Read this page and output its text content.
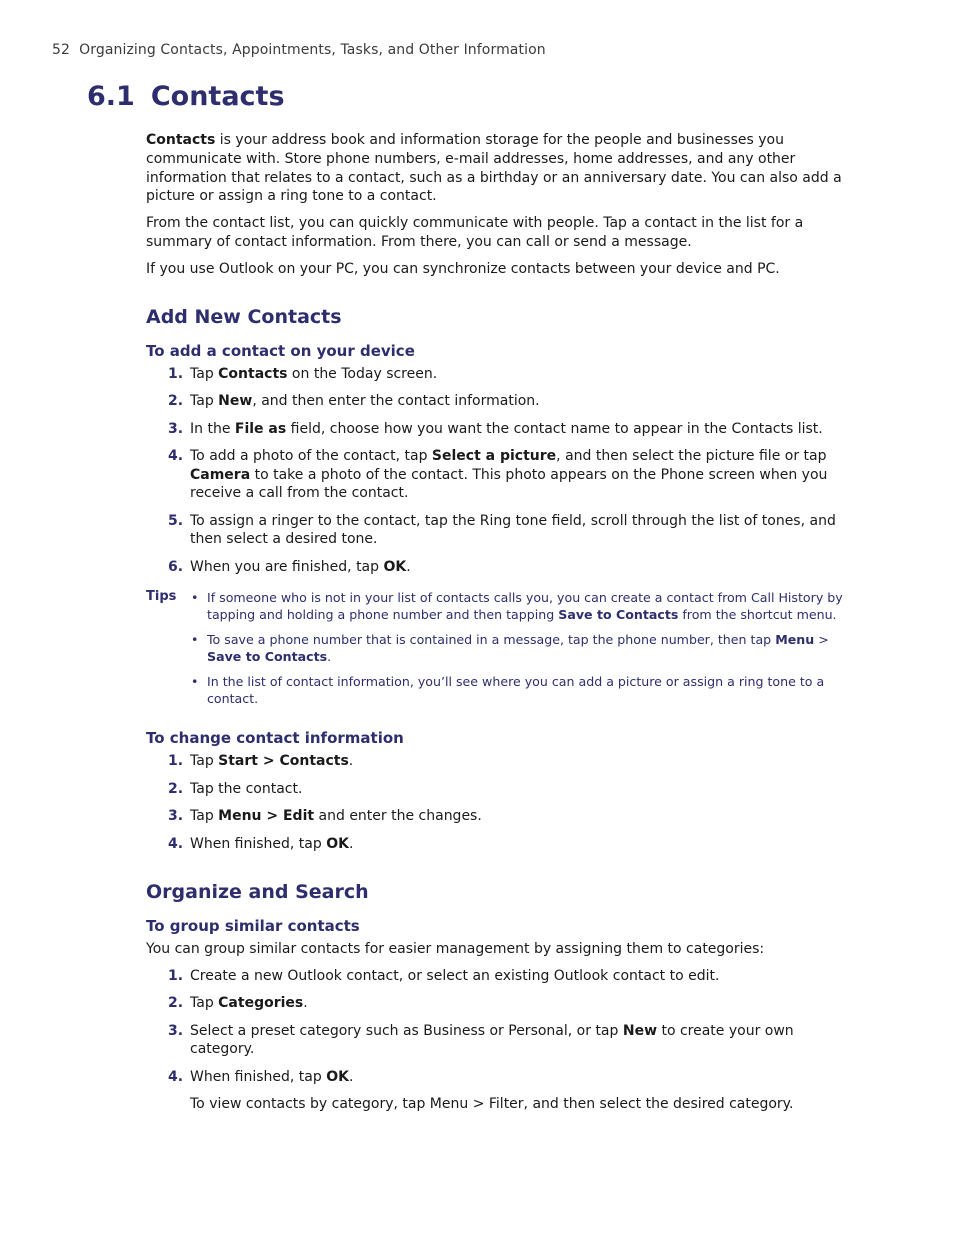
52 Organizing Contacts, Appointments, Tasks, and Other Information
6.1 Contacts

Contacts is your address book and information storage for the people and businesses you communicate with. Store phone numbers, e-mail addresses, home addresses, and any other information that relates to a contact, such as a birthday or an anniversary date. You can also add a picture or assign a ring tone to a contact.

From the contact list, you can quickly communicate with people. Tap a contact in the list for a summary of contact information. From there, you can call or send a message.

If you use Outlook on your PC, you can synchronize contacts between your device and PC.

Add New Contacts
To add a contact on your device
1. Tap Contacts on the Today screen.
2. Tap New, and then enter the contact information.
3. In the File as field, choose how you want the contact name to appear in the Contacts list.
4. To add a photo of the contact, tap Select a picture, and then select the picture file or tap Camera to take a photo of the contact. This photo appears on the Phone screen when you receive a call from the contact.
5. To assign a ringer to the contact, tap the Ring tone field, scroll through the list of tones, and then select a desired tone.
6. When you are finished, tap OK.
Tips	• If someone who is not in your list of contacts calls you, you can create a contact from Call History by tapping and holding a phone number and then tapping Save to Contacts from the shortcut menu.
• To save a phone number that is contained in a message, tap the phone number, then tap Menu > Save to Contacts.
• In the list of contact information, you’ll see where you can add a picture or assign a ring tone to a contact.
To change contact information
1. Tap Start > Contacts.
2. Tap the contact.
3. Tap Menu > Edit and enter the changes.
4. When finished, tap OK.
Organize and Search
To group similar contacts

You can group similar contacts for easier management by assigning them to categories:

1. Create a new Outlook contact, or select an existing Outlook contact to edit.
2. Tap Categories.
3. Select a preset category such as Business or Personal, or tap New to create your own category.
4. When finished, tap OK.

To view contacts by category, tap Menu > Filter, and then select the desired category.
